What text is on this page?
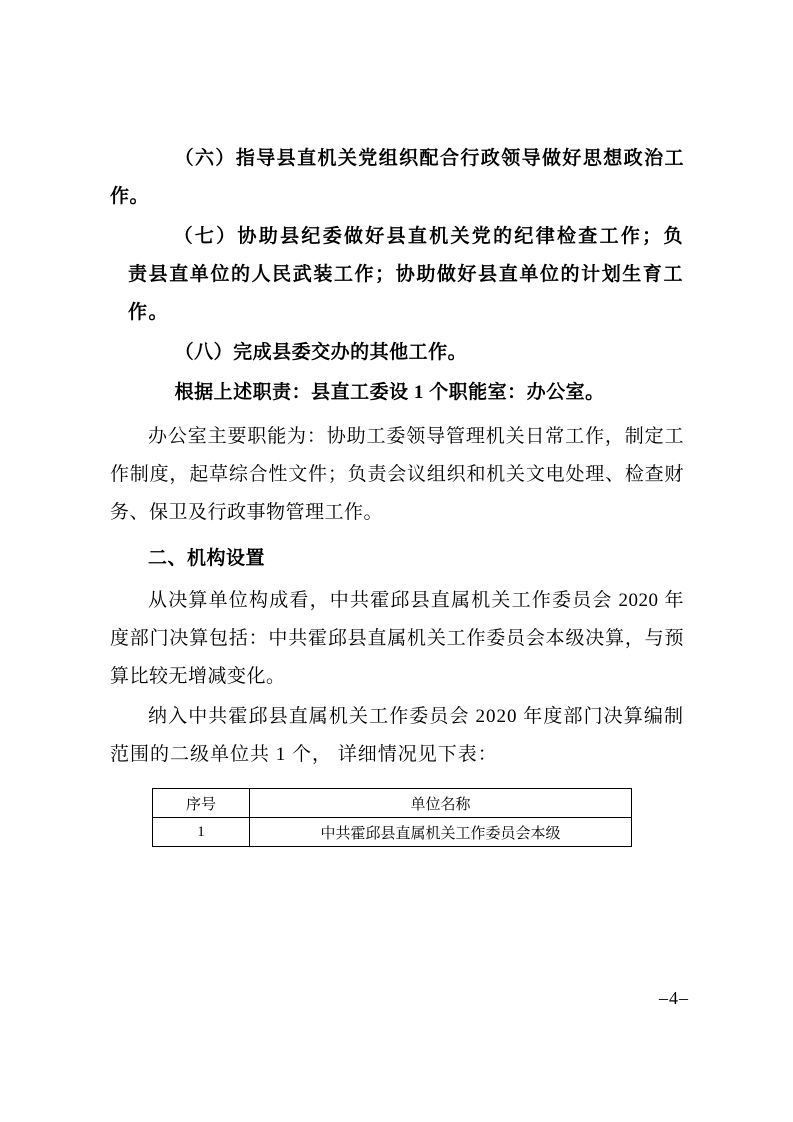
（六）指导县直机关党组织配合行政领导做好思想政治工作。

（七）协助县纪委做好县直机关党的纪律检查工作；负责县直单位的人民武装工作；协助做好县直单位的计划生育工作。

（八）完成县委交办的其他工作。

根据上述职责：县直工委设 1 个职能室：办公室。

办公室主要职能为：协助工委领导管理机关日常工作，制定工作制度，起草综合性文件；负责会议组织和机关文电处理、检查财务、保卫及行政事物管理工作。

二、机构设置

从决算单位构成看，中共霍邱县直属机关工作委员会 2020 年度部门决算包括：中共霍邱县直属机关工作委员会本级决算，与预算比较无增减变化。

纳入中共霍邱县直属机关工作委员会 2020 年度部门决算编制范围的二级单位共 1 个， 详细情况见下表：

序号	单位名称
1	中共霍邱县直属机关工作委员会本级
–4–
